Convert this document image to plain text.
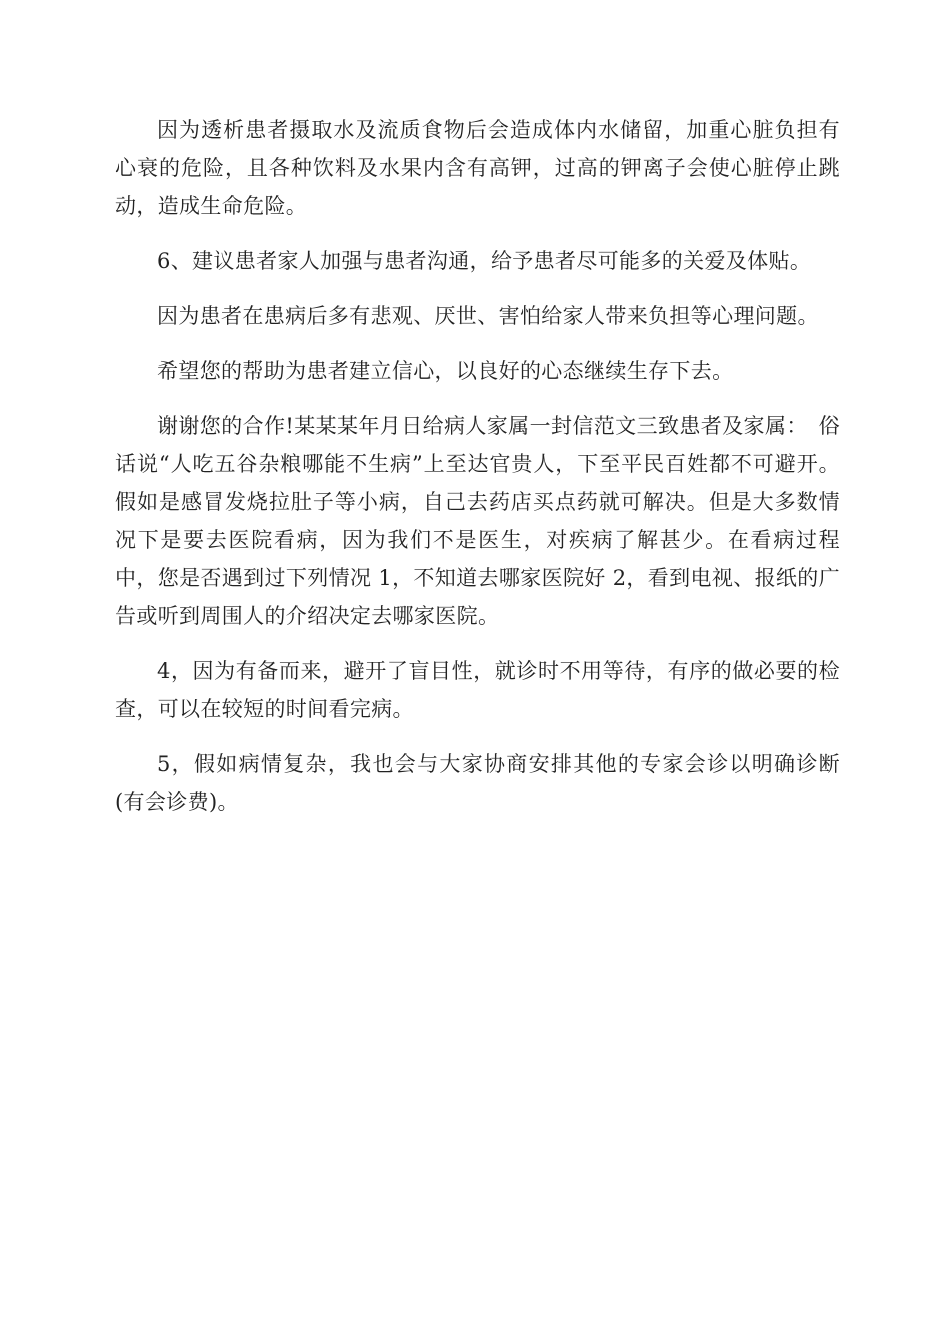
因为透析患者摄取水及流质食物后会造成体内水储留，加重心脏负担有心衰的危险，且各种饮料及水果内含有高钾，过高的钾离子会使心脏停止跳动，造成生命危险。

6、建议患者家人加强与患者沟通，给予患者尽可能多的关爱及体贴。

因为患者在患病后多有悲观、厌世、害怕给家人带来负担等心理问题。

希望您的帮助为患者建立信心，以良好的心态继续生存下去。

谢谢您的合作!某某某年月日给病人家属一封信范文三致患者及家属：　俗话说“人吃五谷杂粮哪能不生病”上至达官贵人，下至平民百姓都不可避开。假如是感冒发烧拉肚子等小病，自己去药店买点药就可解决。但是大多数情况下是要去医院看病，因为我们不是医生，对疾病了解甚少。在看病过程中，您是否遇到过下列情况 1，不知道去哪家医院好 2，看到电视、报纸的广告或听到周围人的介绍决定去哪家医院。

4，因为有备而来，避开了盲目性，就诊时不用等待，有序的做必要的检查，可以在较短的时间看完病。

5，假如病情复杂，我也会与大家协商安排其他的专家会诊以明确诊断(有会诊费)。
